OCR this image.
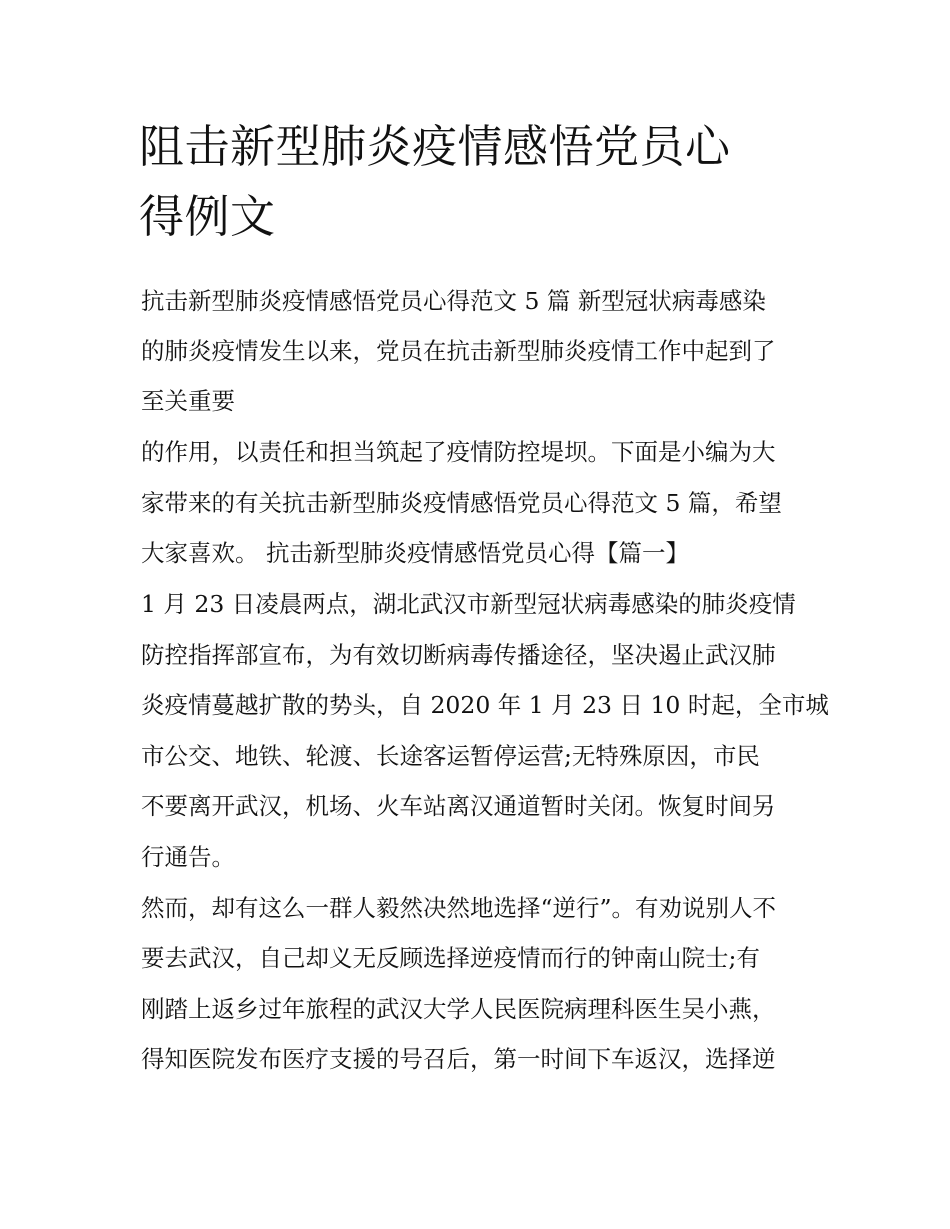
阻击新型肺炎疫情感悟党员心
得例文

抗击新型肺炎疫情感悟党员心得范文 5 篇 新型冠状病毒感染

的肺炎疫情发生以来，党员在抗击新型肺炎疫情工作中起到了

至关重要

的作用，以责任和担当筑起了疫情防控堤坝。下面是小编为大

家带来的有关抗击新型肺炎疫情感悟党员心得范文 5 篇，希望

大家喜欢。 抗击新型肺炎疫情感悟党员心得【篇一】

1 月 23 日凌晨两点，湖北武汉市新型冠状病毒感染的肺炎疫情

防控指挥部宣布，为有效切断病毒传播途径，坚决遏止武汉肺

炎疫情蔓越扩散的势头，自 2020 年 1 月 23 日 10 时起，全市城

市公交、地铁、轮渡、长途客运暂停运营;无特殊原因，市民

不要离开武汉，机场、火车站离汉通道暂时关闭。恢复时间另

行通告。

然而，却有这么一群人毅然决然地选择“逆行”。有劝说别人不

要去武汉，自己却义无反顾选择逆疫情而行的钟南山院士;有

刚踏上返乡过年旅程的武汉大学人民医院病理科医生吴小燕，

得知医院发布医疗支援的号召后，第一时间下车返汉，选择逆
